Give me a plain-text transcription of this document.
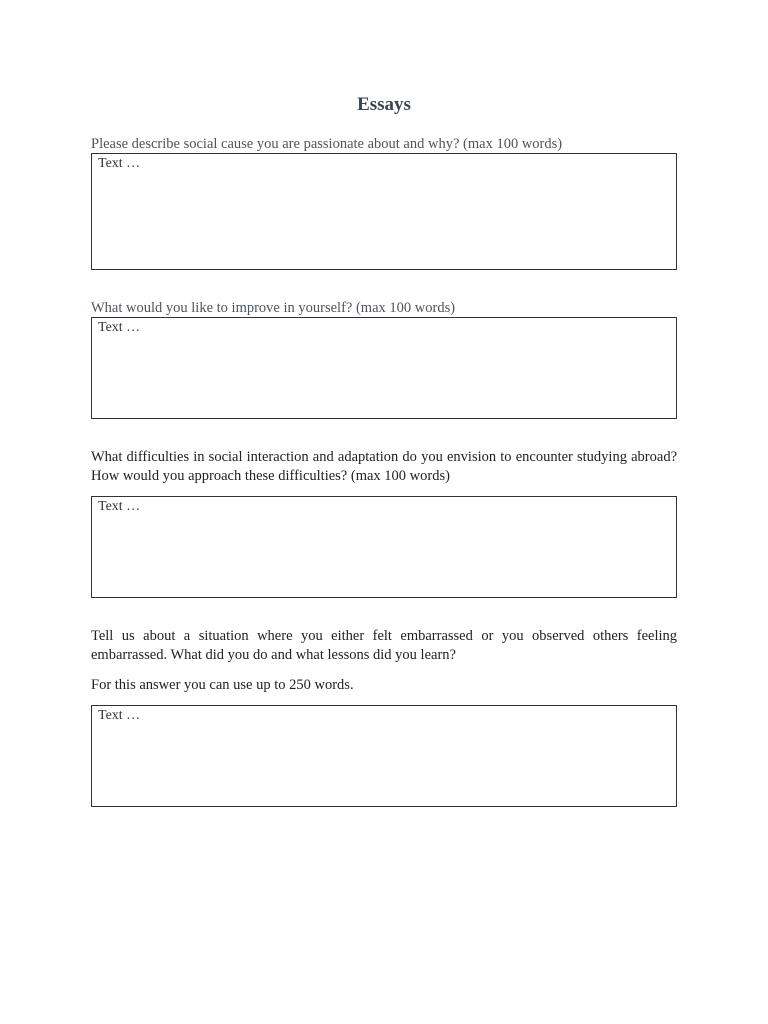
Essays

Please describe social cause you are passionate about and why? (max 100 words)

Text …

What would you like to improve in yourself? (max 100 words)

Text …

What difficulties in social interaction and adaptation do you envision to encounter studying abroad? How would you approach these difficulties? (max 100 words)

Text …

Tell us about a situation where you either felt embarrassed or you observed others feeling embarrassed. What did you do and what lessons did you learn?

For this answer you can use up to 250 words.

Text …
